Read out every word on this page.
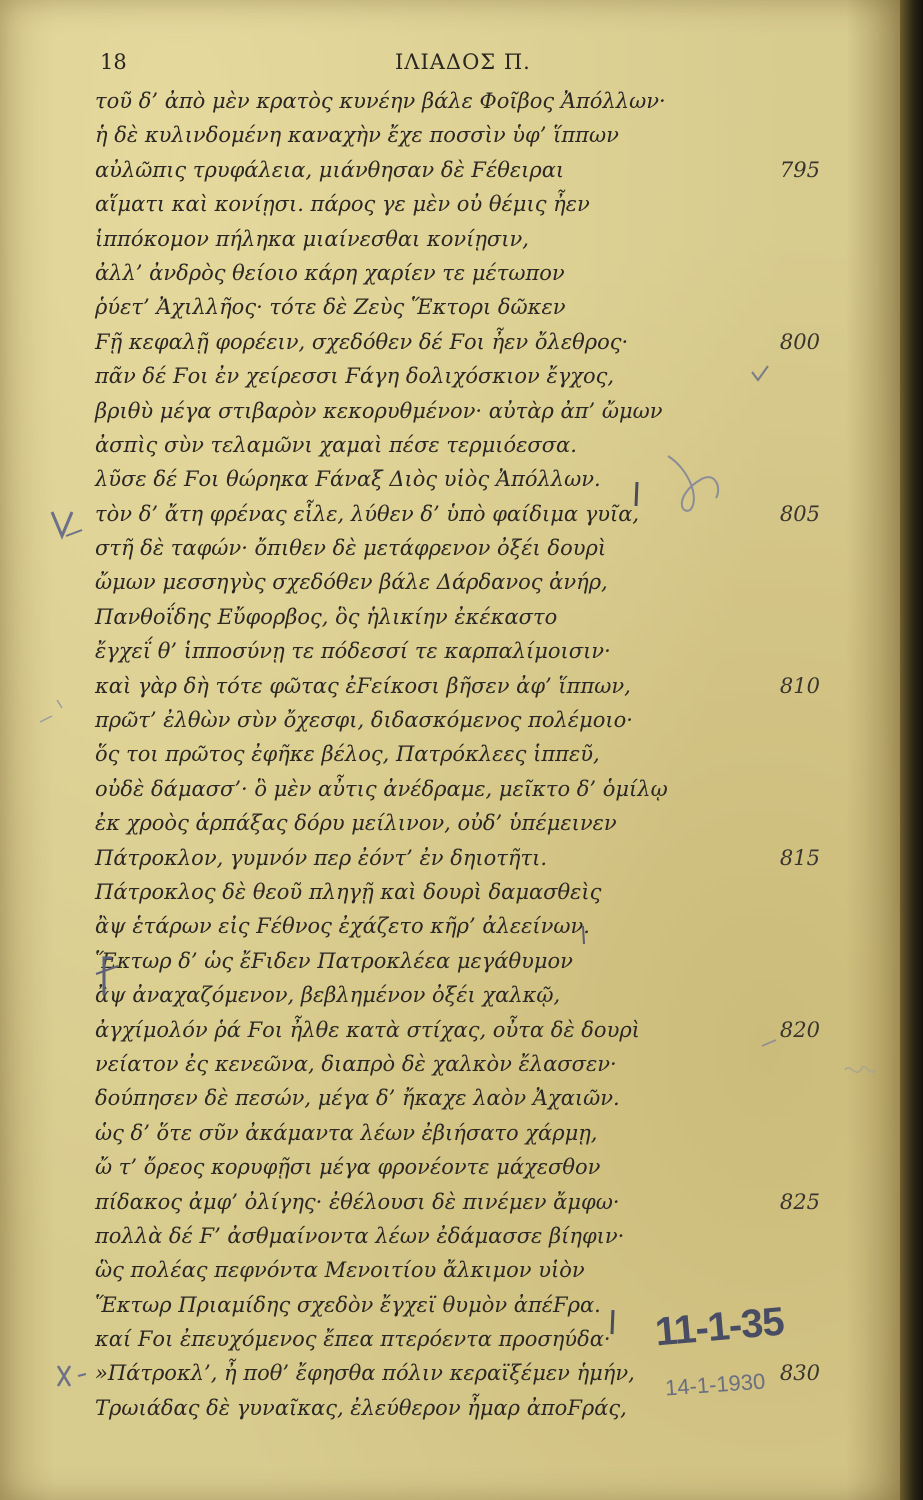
18	ΙΛΙΑΔΟΣ Π.
τοῦ δ’ ἀπὸ μὲν κρατὸς κυνέην βάλε Φοῖβος Ἀπόλλων·
ἡ δὲ κυλινδομένη καναχὴν ἔχε ποσσὶν ὑφ’ ἵππων
αὐλῶπις τρυφάλεια, μιάνθησαν δὲ Ϝέθειραι	795
αἵματι καὶ κονίῃσι. πάρος γε μὲν οὐ θέμις ἦεν
ἱππόκομον πήληκα μιαίνεσθαι κονίῃσιν,
ἀλλ’ ἀνδρὸς θείοιο κάρη χαρίεν τε μέτωπον
ῥύετ’ Ἀχιλλῆος· τότε δὲ Ζεὺς Ἕκτορι δῶκεν
Ϝῇ κεφαλῇ φορέειν, σχεδόθεν δέ Ϝοι ἦεν ὄλεθρος·	800
πᾶν δέ Ϝοι ἐν χείρεσσι Ϝάγη δολιχόσκιον ἔγχος,
βριθὺ μέγα στιβαρὸν κεκορυθμένον· αὐτὰρ ἀπ’ ὤμων
ἀσπὶς σὺν τελαμῶνι χαμαὶ πέσε τερμιόεσσα.
λῦσε δέ Ϝοι θώρηκα Ϝάναξ Διὸς υἱὸς Ἀπόλλων.
τὸν δ’ ἄτη φρένας εἷλε, λύθεν δ’ ὑπὸ φαίδιμα γυῖα,	805
στῆ δὲ ταφών· ὄπιθεν δὲ μετάφρενον ὀξέι δουρὶ
ὤμων μεσσηγὺς σχεδόθεν βάλε Δάρδανος ἀνήρ,
Πανθοΐδης Εὔφορβος, ὃς ἡλικίην ἐκέκαστο
ἔγχεΐ θ’ ἱπποσύνῃ τε πόδεσσί τε καρπαλίμοισιν·
καὶ γὰρ δὴ τότε φῶτας ἐϜείκοσι βῆσεν ἀφ’ ἵππων,	810
πρῶτ’ ἐλθὼν σὺν ὄχεσφι, διδασκόμενος πολέμοιο·
ὅς τοι πρῶτος ἐφῆκε βέλος, Πατρόκλεες ἱππεῦ,
οὐδὲ δάμασσ’· ὃ μὲν αὖτις ἀνέδραμε, μεῖκτο δ’ ὁμίλῳ
ἐκ χροὸς ἁρπάξας δόρυ μείλινον, οὐδ’ ὑπέμεινεν
Πάτροκλον, γυμνόν περ ἐόντ’ ἐν δηιοτῆτι.	815
Πάτροκλος δὲ θεοῦ πληγῇ καὶ δουρὶ δαμασθεὶς
ἂψ ἑτάρων εἰς Ϝέθνος ἐχάζετο κῆρ’ ἀλεείνων.
Ἕκτωρ δ’ ὡς ἔϜιδεν Πατροκλέεα μεγάθυμον
ἂψ ἀναχαζόμενον, βεβλημένον ὀξέι χαλκῷ,
ἀγχίμολόν ῥά Ϝοι ἦλθε κατὰ στίχας, οὖτα δὲ δουρὶ	820
νείατον ἐς κενεῶνα, διαπρὸ δὲ χαλκὸν ἔλασσεν·
δούπησεν δὲ πεσών, μέγα δ’ ἤκαχε λαὸν Ἀχαιῶν.
ὡς δ’ ὅτε σῦν ἀκάμαντα λέων ἐβιήσατο χάρμῃ,
ὤ τ’ ὄρεος κορυφῇσι μέγα φρονέοντε μάχεσθον
πίδακος ἀμφ’ ὀλίγης· ἐθέλουσι δὲ πινέμεν ἄμφω·	825
πολλὰ δέ Ϝ’ ἀσθμαίνοντα λέων ἐδάμασσε βίηφιν·
ὣς πολέας πεφνόντα Μενοιτίου ἄλκιμον υἱὸν
Ἕκτωρ Πριαμίδης σχεδὸν ἔγχεϊ θυμὸν ἀπέϜρα.
καί Ϝοι ἐπευχόμενος ἔπεα πτερόεντα προσηύδα·
»Πάτροκλ’, ἦ ποθ’ ἔφησθα πόλιν κεραϊξέμεν ἡμήν,	830
Τρωιάδας δὲ γυναῖκας, ἐλεύθερον ἦμαρ ἀποϜράς,
11-1-35
14-1-1930
